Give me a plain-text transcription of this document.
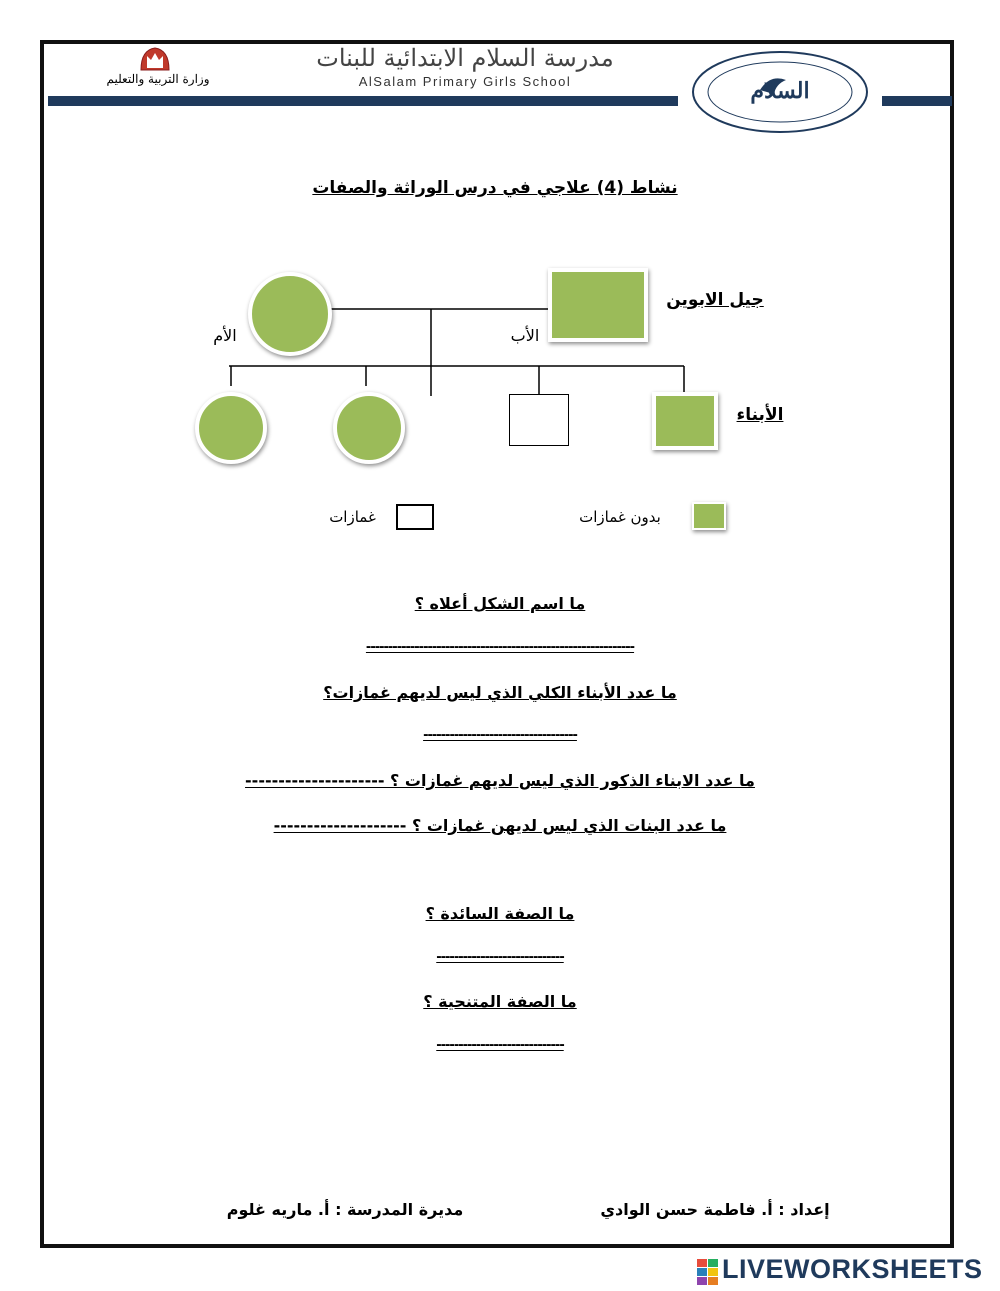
وزارة التربية والتعليم
مدرسة السلام الابتدائية للبنات
AlSalam Primary Girls School	السلام
نشاط (4) علاجي في درس الوراثة والصفات
الأم	الأب
جيل الابوين
الأبناء
بدون غمازات
غمازات
ما اسم الشكل أعلاه ؟
-------------------------------------------------------------
ما عدد الأبناء الكلي الذي ليس لديهم غمازات؟
-----------------------------------
ما عدد الابناء الذكور الذي ليس لديهم غمازات ؟ ---------------------
ما عدد البنات الذي ليس لديهن غمازات ؟ --------------------
ما الصفة السائدة ؟
-----------------------------
ما الصفة المتنحية ؟
-----------------------------
إعداد : أ. فاطمة حسن الوادي
مديرة المدرسة : أ. ماريه غلوم
LIVEWORKSHEETS
